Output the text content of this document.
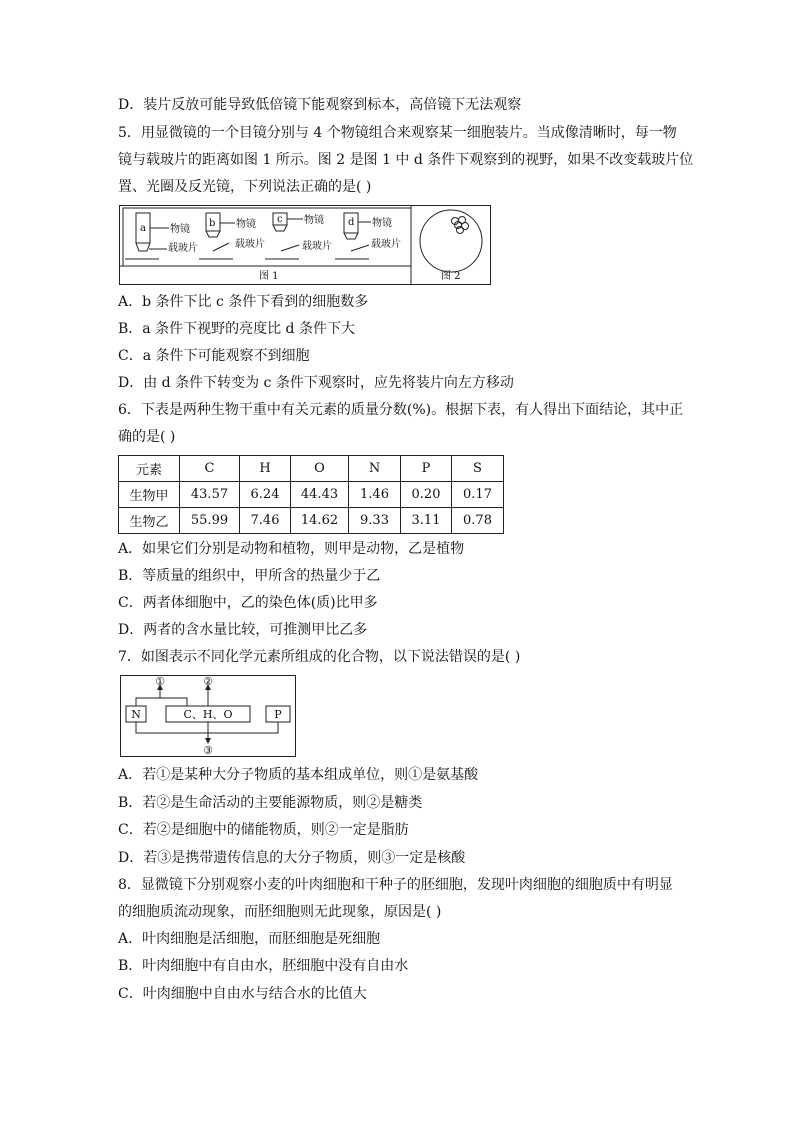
D．装片反放可能导致低倍镜下能观察到标本，高倍镜下无法观察
5．用显微镜的一个目镜分别与 4 个物镜组合来观察某一细胞装片。当成像清晰时，每一物
镜与载玻片的距离如图 1 所示。图 2 是图 1 中 d 条件下观察到的视野，如果不改变载玻片位
置、光圈及反光镜，下列说法正确的是( )
a	b	c	d
物镜	物镜	物镜	物镜
载玻片	载玻片	载玻片	载玻片
图 1	图 2
A．b 条件下比 c 条件下看到的细胞数多
B．a 条件下视野的亮度比 d 条件下大
C．a 条件下可能观察不到细胞
D．由 d 条件下转变为 c 条件下观察时，应先将装片向左方移动
6．下表是两种生物干重中有关元素的质量分数(%)。根据下表，有人得出下面结论，其中正
确的是( )
元素	C	H	O	N	P	S
生物甲	43.57	6.24	44.43	1.46	0.20	0.17
生物乙	55.99	7.46	14.62	9.33	3.11	0.78
A．如果它们分别是动物和植物，则甲是动物，乙是植物
B．等质量的组织中，甲所含的热量少于乙
C．两者体细胞中，乙的染色体(质)比甲多
D．两者的含水量比较，可推测甲比乙多
7．如图表示不同化学元素所组成的化合物，以下说法错误的是( )
①	②
N	C、H、O	P
③
A．若①是某种大分子物质的基本组成单位，则①是氨基酸
B．若②是生命活动的主要能源物质，则②是糖类
C．若②是细胞中的储能物质，则②一定是脂肪
D．若③是携带遗传信息的大分子物质，则③一定是核酸
8．显微镜下分别观察小麦的叶肉细胞和干种子的胚细胞，发现叶肉细胞的细胞质中有明显
的细胞质流动现象，而胚细胞则无此现象，原因是( )
A．叶肉细胞是活细胞，而胚细胞是死细胞
B．叶肉细胞中有自由水，胚细胞中没有自由水
C．叶肉细胞中自由水与结合水的比值大
